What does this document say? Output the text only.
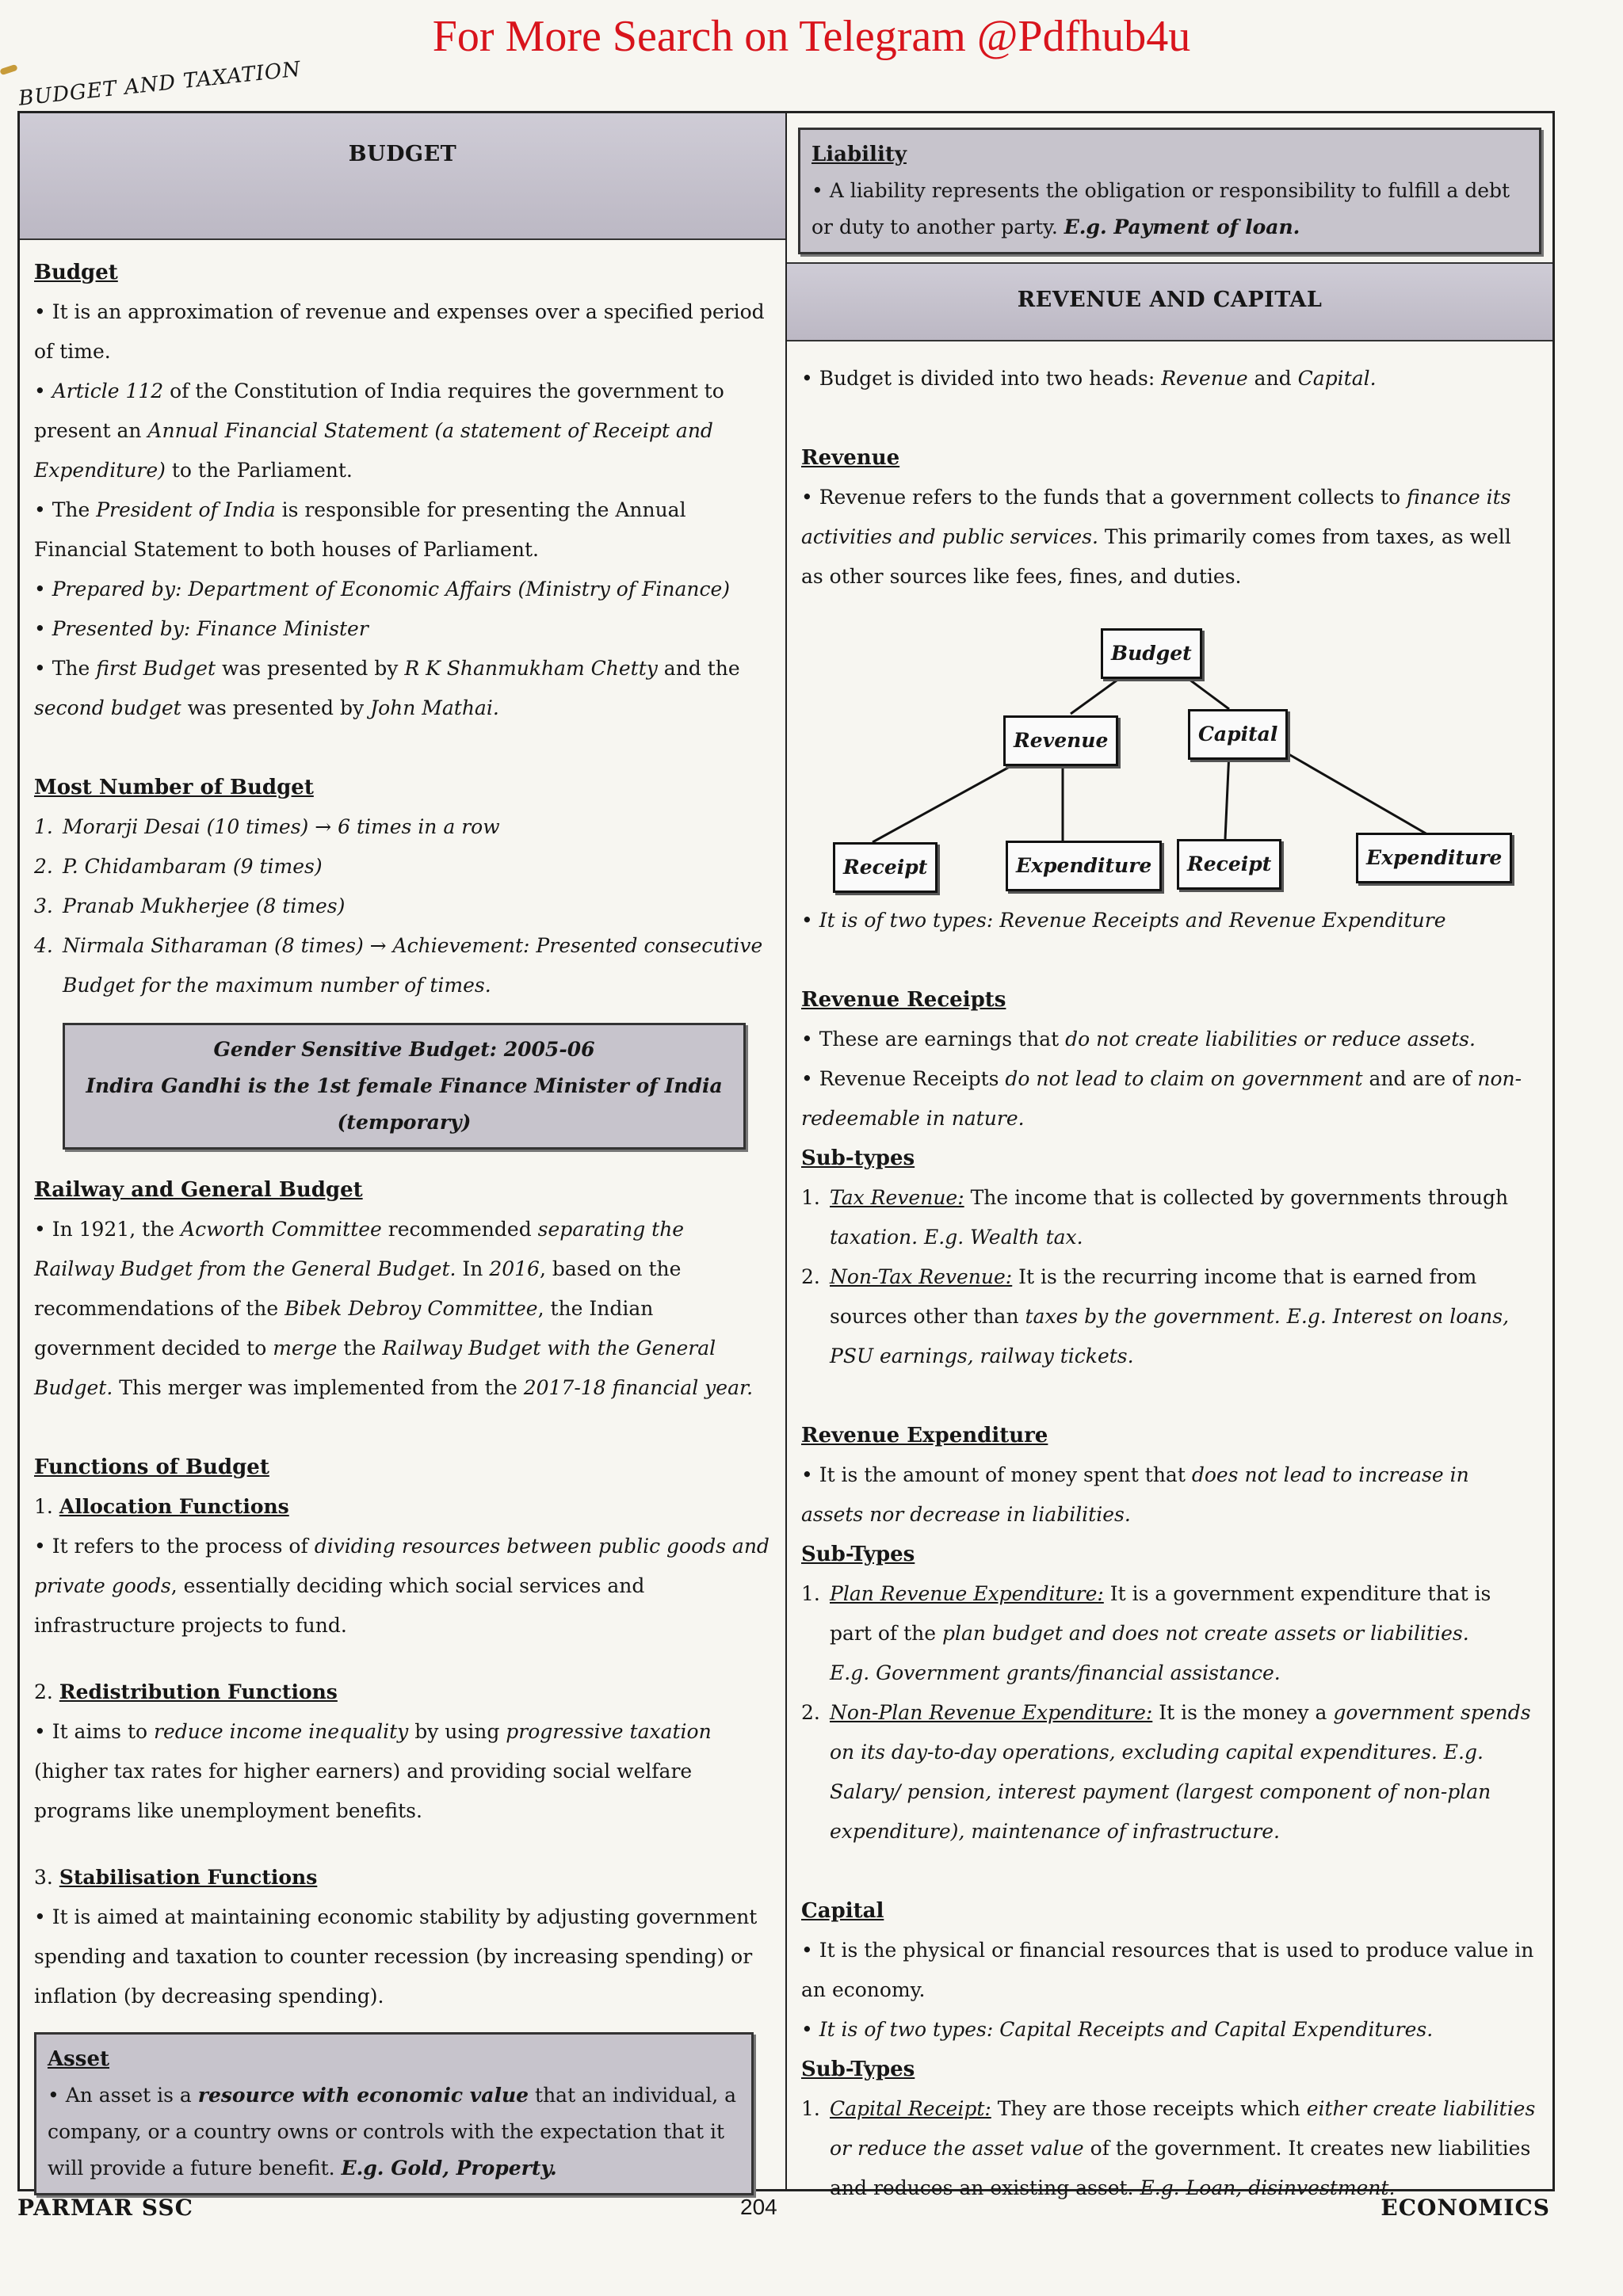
For More Search on Telegram @Pdfhub4u
BUDGET AND TAXATION
BUDGET
Budget

• It is an approximation of revenue and expenses over a specified period of time.

• Article 112 of the Constitution of India requires the government to present an Annual Financial Statement (a statement of Receipt and Expenditure) to the Parliament.

• The President of India is responsible for presenting the Annual Financial Statement to both houses of Parliament.

• Prepared by: Department of Economic Affairs (Ministry of Finance)

• Presented by: Finance Minister

• The first Budget was presented by R K Shanmukham Chetty and the second budget was presented by John Mathai.

Most Number of Budget

1. Morarji Desai (10 times) → 6 times in a row

2. P. Chidambaram (9 times)

3. Pranab Mukherjee (8 times)

4. Nirmala Sitharaman (8 times) → Achievement: Presented consecutive Budget for the maximum number of times.

Gender Sensitive Budget: 2005-06
Indira Gandhi is the 1st female Finance Minister of India (temporary)
Railway and General Budget

• In 1921, the Acworth Committee recommended separating the Railway Budget from the General Budget. In 2016, based on the recommendations of the Bibek Debroy Committee, the Indian government decided to merge the Railway Budget with the General Budget. This merger was implemented from the 2017-18 financial year.

Functions of Budget
1. Allocation Functions

• It refers to the process of dividing resources between public goods and private goods, essentially deciding which social services and infrastructure projects to fund.

2. Redistribution Functions

• It aims to reduce income inequality by using progressive taxation (higher tax rates for higher earners) and providing social welfare programs like unemployment benefits.

3. Stabilisation Functions

• It is aimed at maintaining economic stability by adjusting government spending and taxation to counter recession (by increasing spending) or inflation (by decreasing spending).

Asset
• An asset is a resource with economic value that an individual, a company, or a country owns or controls with the expectation that it will provide a future benefit. E.g. Gold, Property.
Liability
• A liability represents the obligation or responsibility to fulfill a debt or duty to another party. E.g. Payment of loan.
REVENUE AND CAPITAL

• Budget is divided into two heads: Revenue and Capital.

Revenue

• Revenue refers to the funds that a government collects to finance its activities and public services. This primarily comes from taxes, as well as other sources like fees, fines, and duties.

Budget
Revenue	Capital
Receipt	Expenditure	Receipt	Expenditure

• It is of two types: Revenue Receipts and Revenue Expenditure

Revenue Receipts

• These are earnings that do not create liabilities or reduce assets.

• Revenue Receipts do not lead to claim on government and are of non-redeemable in nature.

Sub-types

1. Tax Revenue: The income that is collected by governments through taxation. E.g. Wealth tax.

2. Non-Tax Revenue: It is the recurring income that is earned from sources other than taxes by the government. E.g. Interest on loans, PSU earnings, railway tickets.

Revenue Expenditure

• It is the amount of money spent that does not lead to increase in assets nor decrease in liabilities.

Sub-Types

1. Plan Revenue Expenditure: It is a government expenditure that is part of the plan budget and does not create assets or liabilities.
E.g. Government grants/financial assistance.

2. Non-Plan Revenue Expenditure: It is the money a government spends on its day-to-day operations, excluding capital expenditures. E.g. Salary/ pension, interest payment (largest component of non-plan expenditure), maintenance of infrastructure.

Capital

• It is the physical or financial resources that is used to produce value in an economy.

• It is of two types: Capital Receipts and Capital Expenditures.

Sub-Types

1. Capital Receipt: They are those receipts which either create liabilities or reduce the asset value of the government. It creates new liabilities and reduces an existing asset. E.g. Loan, disinvestment.

PARMAR SSC	204	ECONOMICS
